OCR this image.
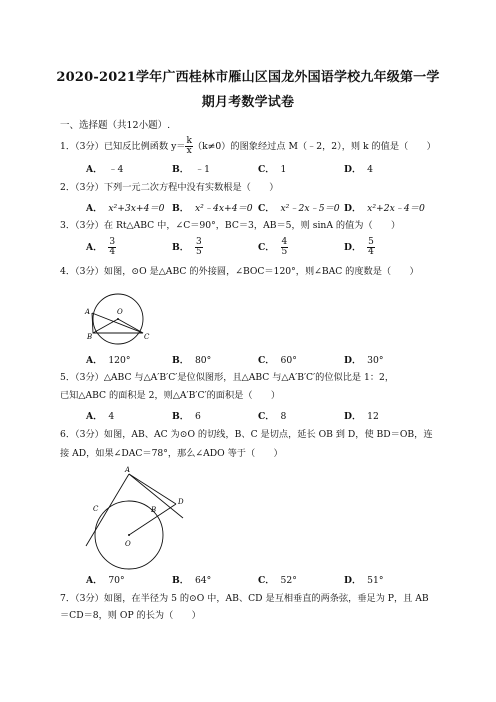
2020-2021学年广西桂林市雁山区国龙外国语学校九年级第一学
期月考数学试卷
一、选择题（共12小题）.
1．（3分）已知反比例函数 $y= \frac{k}{x} (k\ne 0)$的图象经过点 M（﹣2，2），则 k 的值是（　　）
A． ﹣4	B． ﹣1	C． 1	D． 4
2．（3分）下列一元二次方程中没有实数根是（　　）
A． x²+3x+4＝0 B． x²﹣4x+4＝0 C． x²﹣2x﹣5＝0 D． x²+2x﹣4＝0
3．（3分）在 Rt△ABC 中，∠C＝90°，BC＝3，AB＝5，则 sinA 的值为（　　）
A． $\frac{3}{4}$	B． $\frac{3}{5}$	C． $\frac{4}{5}$	D． $\frac{5}{4}$
4．（3分）如图，⊙O 是△ABC 的外接圆，∠BOC＝120°，则∠BAC 的度数是（　　）
A	O
B	C
A． 120°	B． 80°	C． 60°	D． 30°
5．（3分）△ABC 与△A′B′C′是位似图形，且△ABC 与△A′B′C′的位似比是 1：2，
已知△ABC 的面积是 2，则△A′B′C′的面积是（　　）
A． 4	B． 6	C． 8	D． 12
6．（3分）如图，AB、AC 为⊙O 的切线，B、C 是切点，延长 OB 到 D，使 BD＝OB，连
接 AD，如果∠DAC＝78°，那么∠ADO 等于（　　）
A
B
C
D
O
A． 70°	B． 64°	C． 52°	D． 51°
7．（3分）如图，在半径为 5 的⊙O 中，AB、CD 是互相垂直的两条弦，垂足为 P，且 AB
＝CD＝8，则 OP 的长为（　　）
